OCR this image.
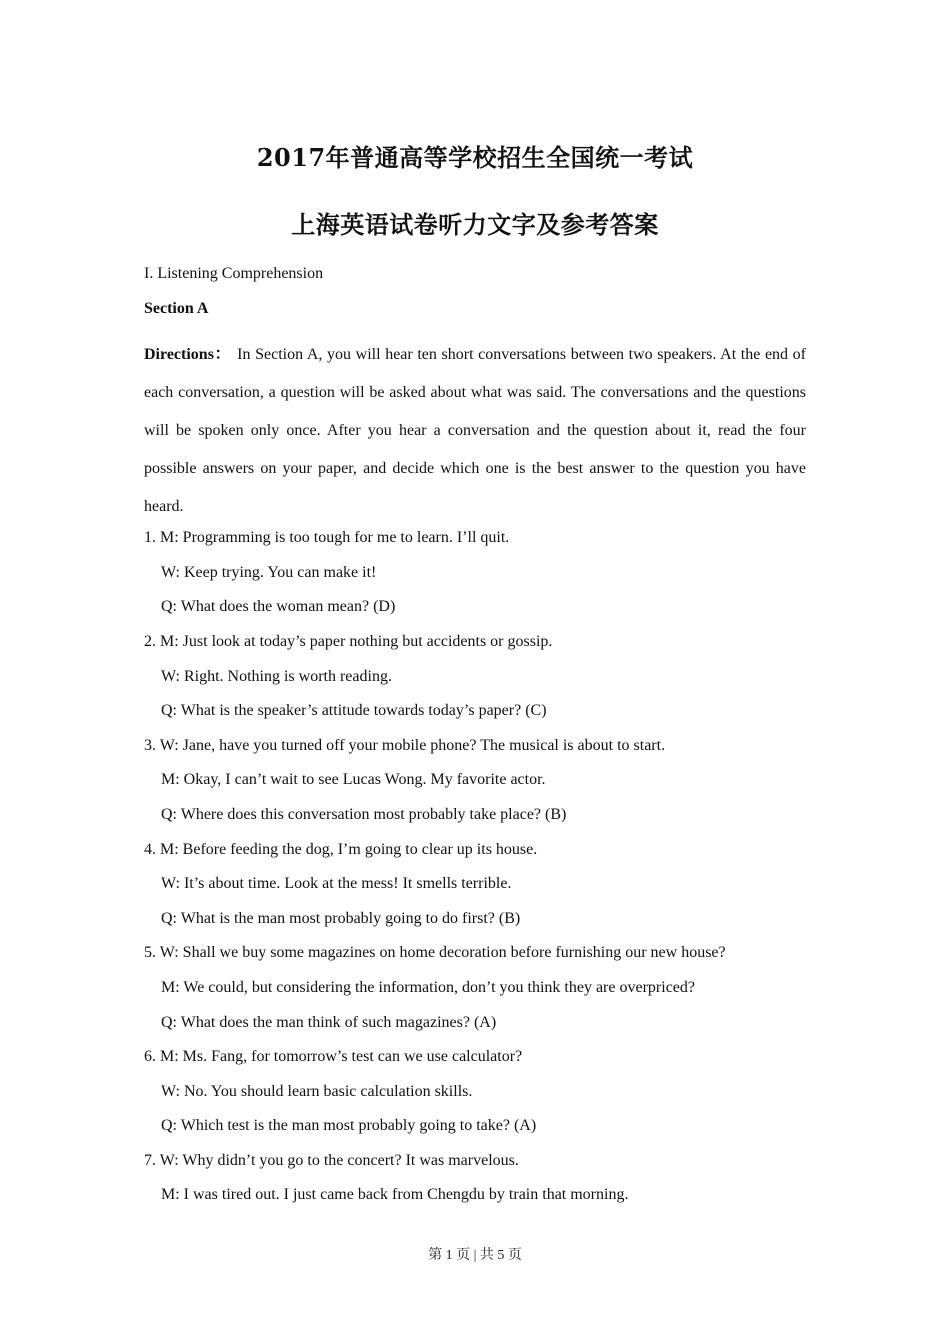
2017年普通高等学校招生全国统一考试
上海英语试卷听力文字及参考答案
I. Listening Comprehension
Section A

Directions： In Section A, you will hear ten short conversations between two speakers. At the end of each conversation, a question will be asked about what was said. The conversations and the questions will be spoken only once. After you hear a conversation and the question about it, read the four possible answers on your paper, and decide which one is the best answer to the question you have heard.

1. M: Programming is too tough for me to learn. I’ll quit.
W: Keep trying. You can make it!
Q: What does the woman mean? (D)
2. M: Just look at today’s paper nothing but accidents or gossip.
W: Right. Nothing is worth reading.
Q: What is the speaker’s attitude towards today’s paper? (C)
3. W: Jane, have you turned off your mobile phone? The musical is about to start.
M: Okay, I can’t wait to see Lucas Wong. My favorite actor.
Q: Where does this conversation most probably take place? (B)
4. M: Before feeding the dog, I’m going to clear up its house.
W: It’s about time. Look at the mess! It smells terrible.
Q: What is the man most probably going to do first? (B)
5. W: Shall we buy some magazines on home decoration before furnishing our new house?
M: We could, but considering the information, don’t you think they are overpriced?
Q: What does the man think of such magazines? (A)
6. M: Ms. Fang, for tomorrow’s test can we use calculator?
W: No. You should learn basic calculation skills.
Q: Which test is the man most probably going to take? (A)
7. W: Why didn’t you go to the concert? It was marvelous.
M: I was tired out. I just came back from Chengdu by train that morning.
第 1 页 | 共 5 页
